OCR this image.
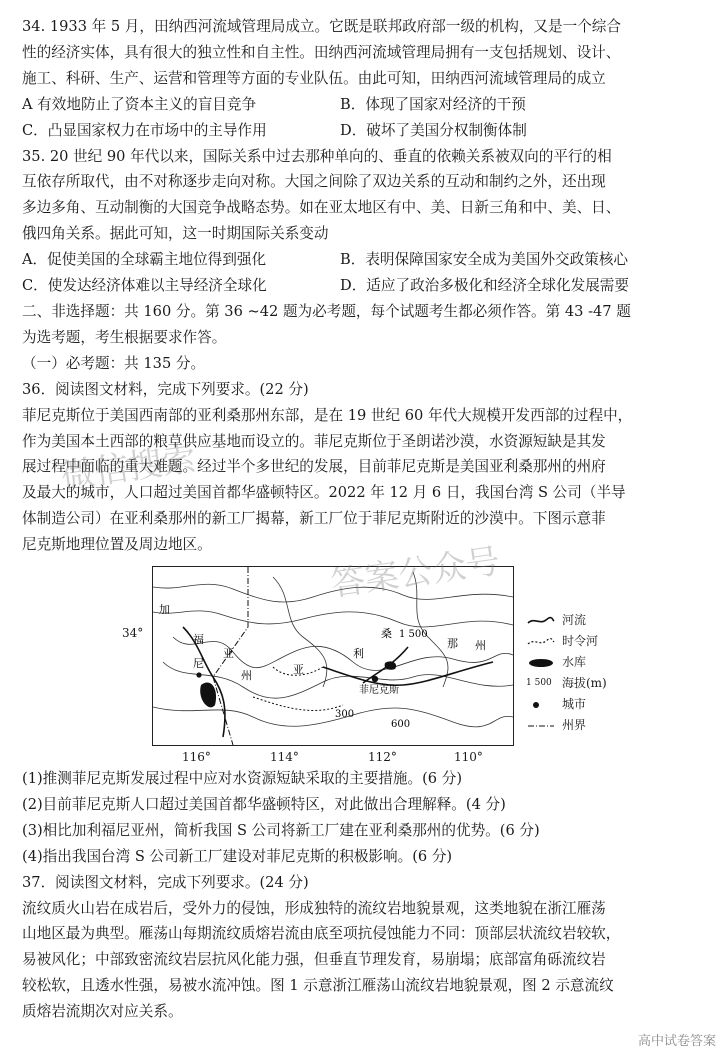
34. 1933 年 5 月，田纳西河流域管理局成立。它既是联邦政府部一级的机构，又是一个综合

性的经济实体，具有很大的独立性和自主性。田纳西河流域管理局拥有一支包括规划、设计、

施工、科研、生产、运营和管理等方面的专业队伍。由此可知，田纳西河流域管理局的成立

A 有效地防止了资本主义的盲目竞争	B．体现了国家对经济的干预
C．凸显国家权力在市场中的主导作用	D．破坏了美国分权制衡体制

35. 20 世纪 90 年代以来，国际关系中过去那种单向的、垂直的依赖关系被双向的平行的相

互依存所取代，由不对称逐步走向对称。大国之间除了双边关系的互动和制约之外，还出现

多边多角、互动制衡的大国竞争战略态势。如在亚太地区有中、美、日新三角和中、美、日、

俄四角关系。据此可知，这一时期国际关系变动

A．促使美国的全球霸主地位得到强化	B．表明保障国家安全成为美国外交政策核心
C．使发达经济体难以主导经济全球化	D．适应了政治多极化和经济全球化发展需要

二、非选择题：共 160 分。第 36 ~42 题为必考题，每个试题考生都必须作答。第 43 -47 题

为选考题，考生根据要求作答。

（一）必考题：共 135 分。

36．阅读图文材料，完成下列要求。(22 分)

菲尼克斯位于美国西南部的亚利桑那州东部，是在 19 世纪 60 年代大规模开发西部的过程中，

作为美国本土西部的粮草供应基地而设立的。菲尼克斯位于圣朗诺沙漠，水资源短缺是其发

展过程中面临的重大难题。经过半个多世纪的发展，目前菲尼克斯是美国亚利桑那州的州府

及最大的城市，人口超过美国首都华盛顿特区。2022 年 12 月 6 日，我国台湾 S 公司（半导

体制造公司）在亚利桑那州的新工厂揭幕，新工厂位于菲尼克斯附近的沙漠中。下图示意菲

尼克斯地理位置及周边地区。

34°
加
福
尼
亚
州	亚
利
桑
那 州
菲尼克斯
1 500
300
600
116°	114°	112°	110°
河流
时令河
水库
1 500 海拔(m)
城市
州界

(1)推测菲尼克斯发展过程中应对水资源短缺采取的主要措施。(6 分)

(2)目前菲尼克斯人口超过美国首都华盛顿特区，对此做出合理解释。(4 分)

(3)相比加利福尼亚州，简析我国 S 公司将新工厂建在亚利桑那州的优势。(6 分)

(4)指出我国台湾 S 公司新工厂建设对菲尼克斯的积极影响。(6 分)

37．阅读图文材料，完成下列要求。(24 分)

流纹质火山岩在成岩后，受外力的侵蚀，形成独特的流纹岩地貌景观，这类地貌在浙江雁荡

山地区最为典型。雁荡山每期流纹质熔岩流由底至项抗侵蚀能力不同：顶部层状流纹岩较软，

易被风化；中部致密流纹岩层抗风化能力强，但垂直节理发育，易崩塌；底部富角砾流纹岩

较松软，且透水性强，易被水流冲蚀。图 1 示意浙江雁荡山流纹岩地貌景观，图 2 示意流纹

质熔岩流期次对应关系。

微信搜索
答案公众号
高中试卷答案
